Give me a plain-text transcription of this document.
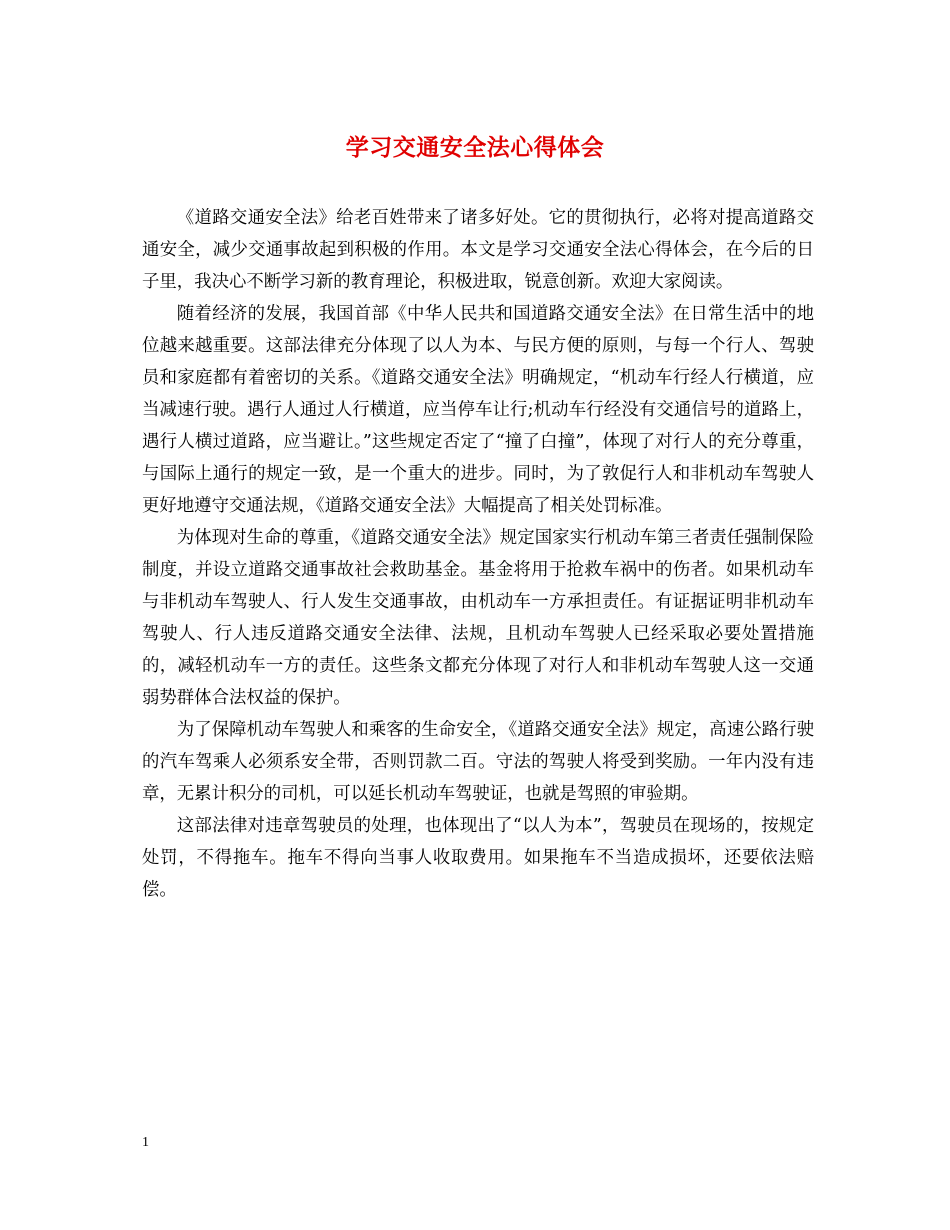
学习交通安全法心得体会

《道路交通安全法》给老百姓带来了诸多好处。它的贯彻执行，必将对提高道路交通安全，减少交通事故起到积极的作用。本文是学习交通安全法心得体会，在今后的日子里，我决心不断学习新的教育理论，积极进取，锐意创新。欢迎大家阅读。

随着经济的发展，我国首部《中华人民共和国道路交通安全法》在日常生活中的地位越来越重要。这部法律充分体现了以人为本、与民方便的原则，与每一个行人、驾驶员和家庭都有着密切的关系。《道路交通安全法》明确规定，“机动车行经人行横道，应当减速行驶。遇行人通过人行横道，应当停车让行;机动车行经没有交通信号的道路上，遇行人横过道路，应当避让。”这些规定否定了“撞了白撞”，体现了对行人的充分尊重，与国际上通行的规定一致，是一个重大的进步。同时，为了敦促行人和非机动车驾驶人更好地遵守交通法规，《道路交通安全法》大幅提高了相关处罚标准。

为体现对生命的尊重，《道路交通安全法》规定国家实行机动车第三者责任强制保险制度，并设立道路交通事故社会救助基金。基金将用于抢救车祸中的伤者。如果机动车与非机动车驾驶人、行人发生交通事故，由机动车一方承担责任。有证据证明非机动车驾驶人、行人违反道路交通安全法律、法规，且机动车驾驶人已经采取必要处置措施的，减轻机动车一方的责任。这些条文都充分体现了对行人和非机动车驾驶人这一交通弱势群体合法权益的保护。

为了保障机动车驾驶人和乘客的生命安全，《道路交通安全法》规定，高速公路行驶的汽车驾乘人必须系安全带，否则罚款二百。守法的驾驶人将受到奖励。一年内没有违章，无累计积分的司机，可以延长机动车驾驶证，也就是驾照的审验期。

这部法律对违章驾驶员的处理，也体现出了“以人为本”，驾驶员在现场的，按规定处罚，不得拖车。拖车不得向当事人收取费用。如果拖车不当造成损坏，还要依法赔偿。

1
